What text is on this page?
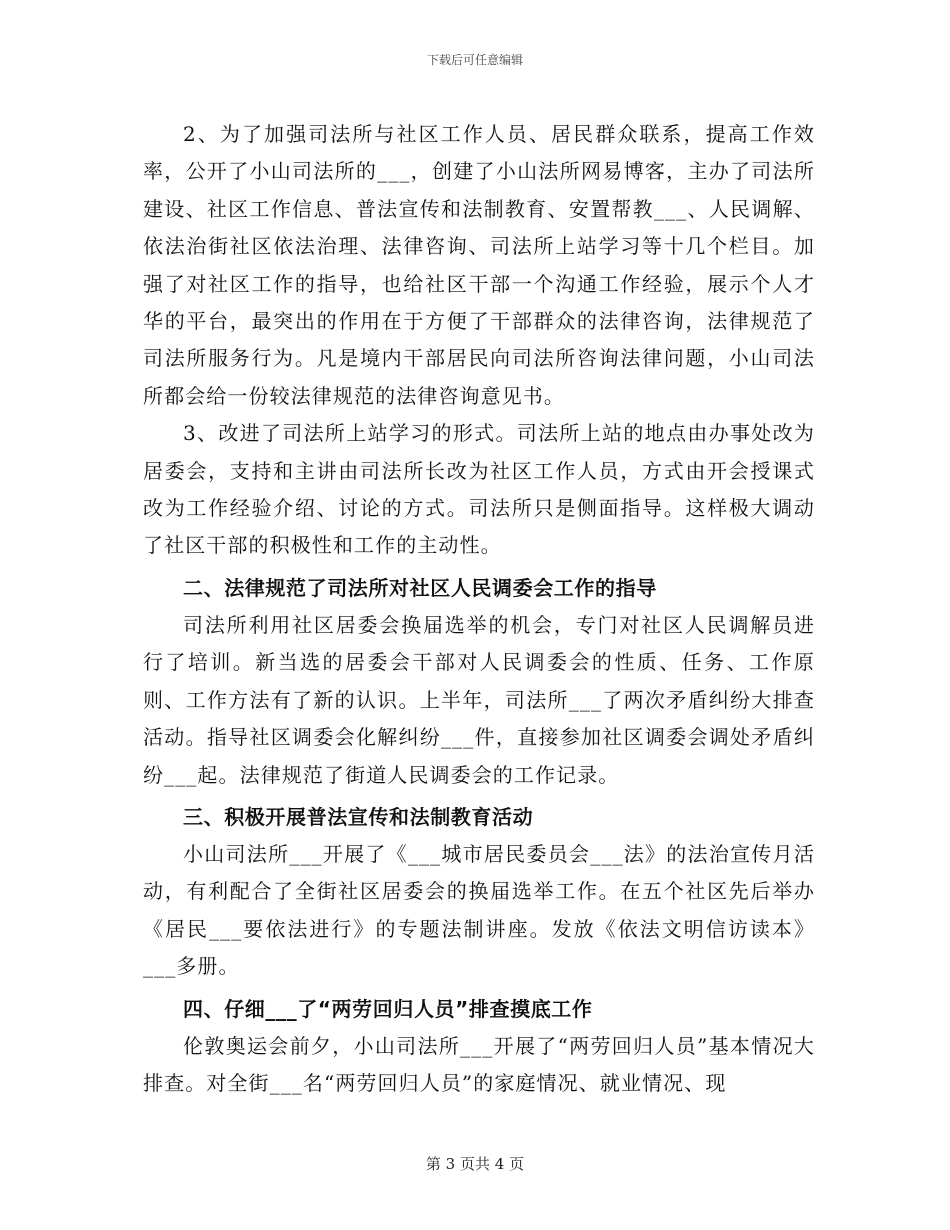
下载后可任意编辑

2、为了加强司法所与社区工作人员、居民群众联系，提高工作效率，公开了小山司法所的___，创建了小山法所网易博客，主办了司法所建设、社区工作信息、普法宣传和法制教育、安置帮教___、人民调解、依法治街社区依法治理、法律咨询、司法所上站学习等十几个栏目。加强了对社区工作的指导，也给社区干部一个沟通工作经验，展示个人才华的平台，最突出的作用在于方便了干部群众的法律咨询，法律规范了司法所服务行为。凡是境内干部居民向司法所咨询法律问题，小山司法所都会给一份较法律规范的法律咨询意见书。

3、改进了司法所上站学习的形式。司法所上站的地点由办事处改为居委会，支持和主讲由司法所长改为社区工作人员，方式由开会授课式改为工作经验介绍、讨论的方式。司法所只是侧面指导。这样极大调动了社区干部的积极性和工作的主动性。

二、法律规范了司法所对社区人民调委会工作的指导

司法所利用社区居委会换届选举的机会，专门对社区人民调解员进行了培训。新当选的居委会干部对人民调委会的性质、任务、工作原则、工作方法有了新的认识。上半年，司法所___了两次矛盾纠纷大排查活动。指导社区调委会化解纠纷___件，直接参加社区调委会调处矛盾纠纷___起。法律规范了街道人民调委会的工作记录。

三、积极开展普法宣传和法制教育活动

小山司法所___开展了《___城市居民委员会___法》的法治宣传月活动，有利配合了全街社区居委会的换届选举工作。在五个社区先后举办《居民___要依法进行》的专题法制讲座。发放《依法文明信访读本》___多册。

四、仔细___了“两劳回归人员”排查摸底工作

伦敦奥运会前夕，小山司法所___开展了“两劳回归人员”基本情况大排查。对全街___名“两劳回归人员”的家庭情况、就业情况、现

第 3 页共 4 页
